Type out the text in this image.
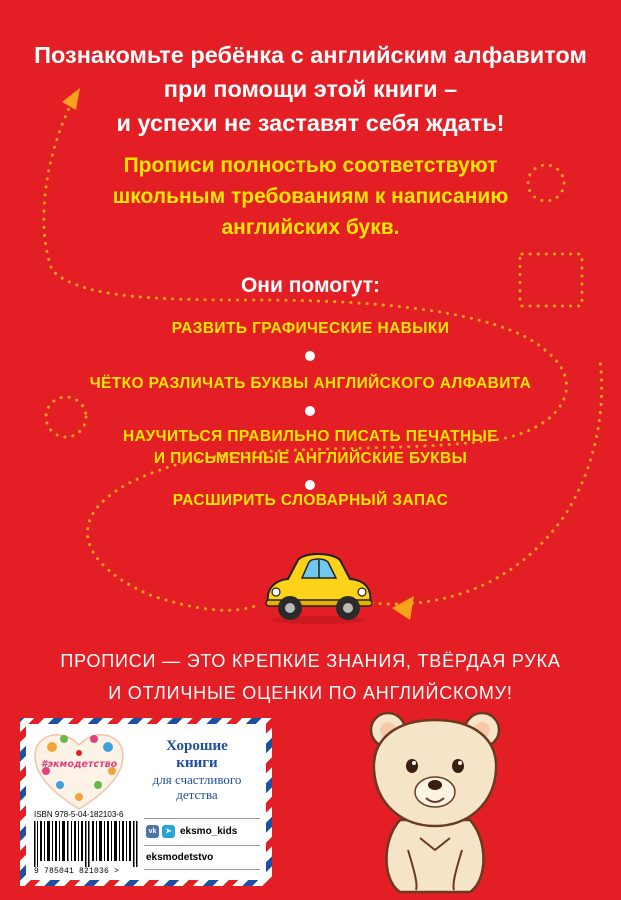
Познакомьте ребёнка с английским алфавитом
при помощи этой книги –
и успехи не заставят себя ждать!
Прописи полностью соответствуют
школьным требованиям к написанию
английских букв.
Они помогут:
РАЗВИТЬ ГРАФИЧЕСКИЕ НАВЫКИ
ЧЁТКО РАЗЛИЧАТЬ БУКВЫ АНГЛИЙСКОГО АЛФАВИТА
НАУЧИТЬСЯ ПРАВИЛЬНО ПИСАТЬ ПЕЧАТНЫЕ
И ПИСЬМЕННЫЕ АНГЛИЙСКИЕ БУКВЫ
РАСШИРИТЬ СЛОВАРНЫЙ ЗАПАС
ПРОПИСИ — ЭТО КРЕПКИЕ ЗНАНИЯ, ТВЁРДАЯ РУКА
И ОТЛИЧНЫЕ ОЦЕНКИ ПО АНГЛИЙСКОМУ!
#экмодетство
Хорошие
книги
для счастливого
детства
ISBN 978-5-04-182103-6
9 785041 821036 >
vk	➤ eksmo_kids
eksmodetstvo
